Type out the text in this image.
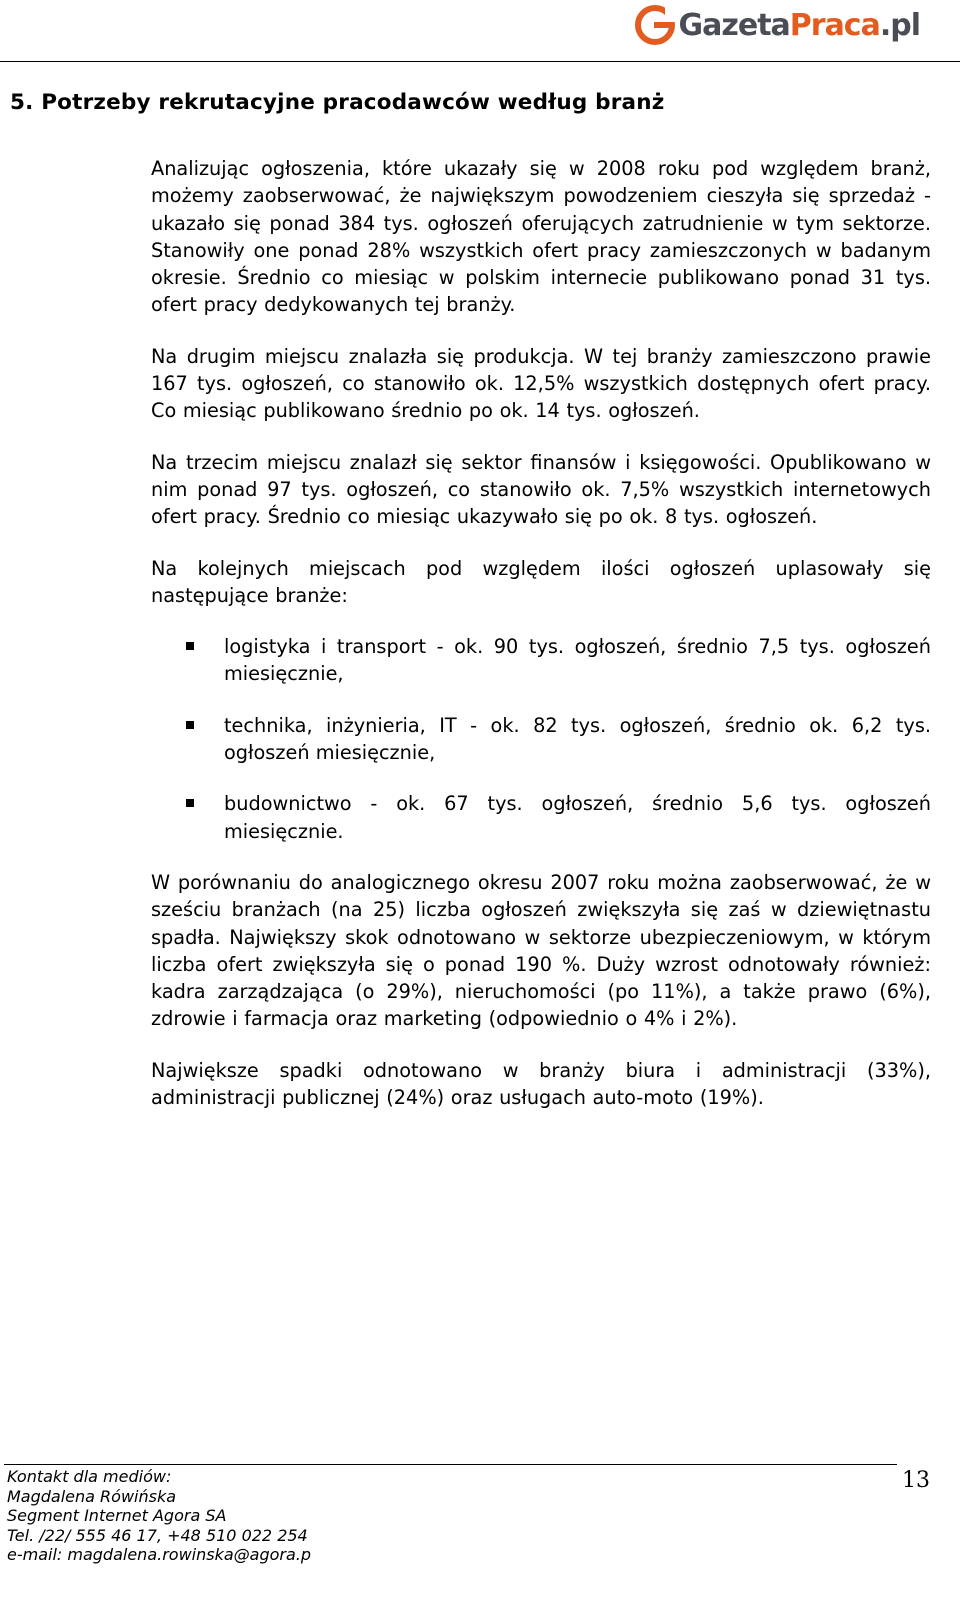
GazetaPraca.pl
5. Potrzeby rekrutacyjne pracodawców według branż

Analizując ogłoszenia, które ukazały się w 2008 roku pod względem branż, możemy zaobserwować, że największym powodzeniem cieszyła się sprzedaż - ukazało się ponad 384 tys. ogłoszeń oferujących zatrudnienie w tym sektorze. Stanowiły one ponad 28% wszystkich ofert pracy zamieszczonych w badanym okresie. Średnio co miesiąc w polskim internecie publikowano ponad 31 tys. ofert pracy dedykowanych tej branży.

Na drugim miejscu znalazła się produkcja. W tej branży zamieszczono prawie 167 tys. ogłoszeń, co stanowiło ok. 12,5% wszystkich dostępnych ofert pracy. Co miesiąc publikowano średnio po ok. 14 tys. ogłoszeń.

Na trzecim miejscu znalazł się sektor finansów i księgowości. Opublikowano w nim ponad 97 tys. ogłoszeń, co stanowiło ok. 7,5% wszystkich internetowych ofert pracy. Średnio co miesiąc ukazywało się po ok. 8 tys. ogłoszeń.

Na kolejnych miejscach pod względem ilości ogłoszeń uplasowały się następujące branże:

logistyka i transport - ok. 90 tys. ogłoszeń, średnio 7,5 tys. ogłoszeń miesięcznie,
technika, inżynieria, IT - ok. 82 tys. ogłoszeń, średnio ok. 6,2 tys. ogłoszeń miesięcznie,
budownictwo - ok. 67 tys. ogłoszeń, średnio 5,6 tys. ogłoszeń miesięcznie.

W porównaniu do analogicznego okresu 2007 roku można zaobserwować, że w sześciu branżach (na 25) liczba ogłoszeń zwiększyła się zaś w dziewiętnastu spadła. Największy skok odnotowano w sektorze ubezpieczeniowym, w którym liczba ofert zwiększyła się o ponad 190 %. Duży wzrost odnotowały również: kadra zarządzająca (o 29%), nieruchomości (po 11%), a także prawo (6%), zdrowie i farmacja oraz marketing (odpowiednio o 4% i 2%).

Największe spadki odnotowano w branży biura i administracji (33%), administracji publicznej (24%) oraz usługach auto-moto (19%).

Kontakt dla mediów:
Magdalena Rówińska
Segment Internet Agora SA
Tel. /22/ 555 46 17, +48 510 022 254
e-mail: magdalena.rowinska@agora.p
13
